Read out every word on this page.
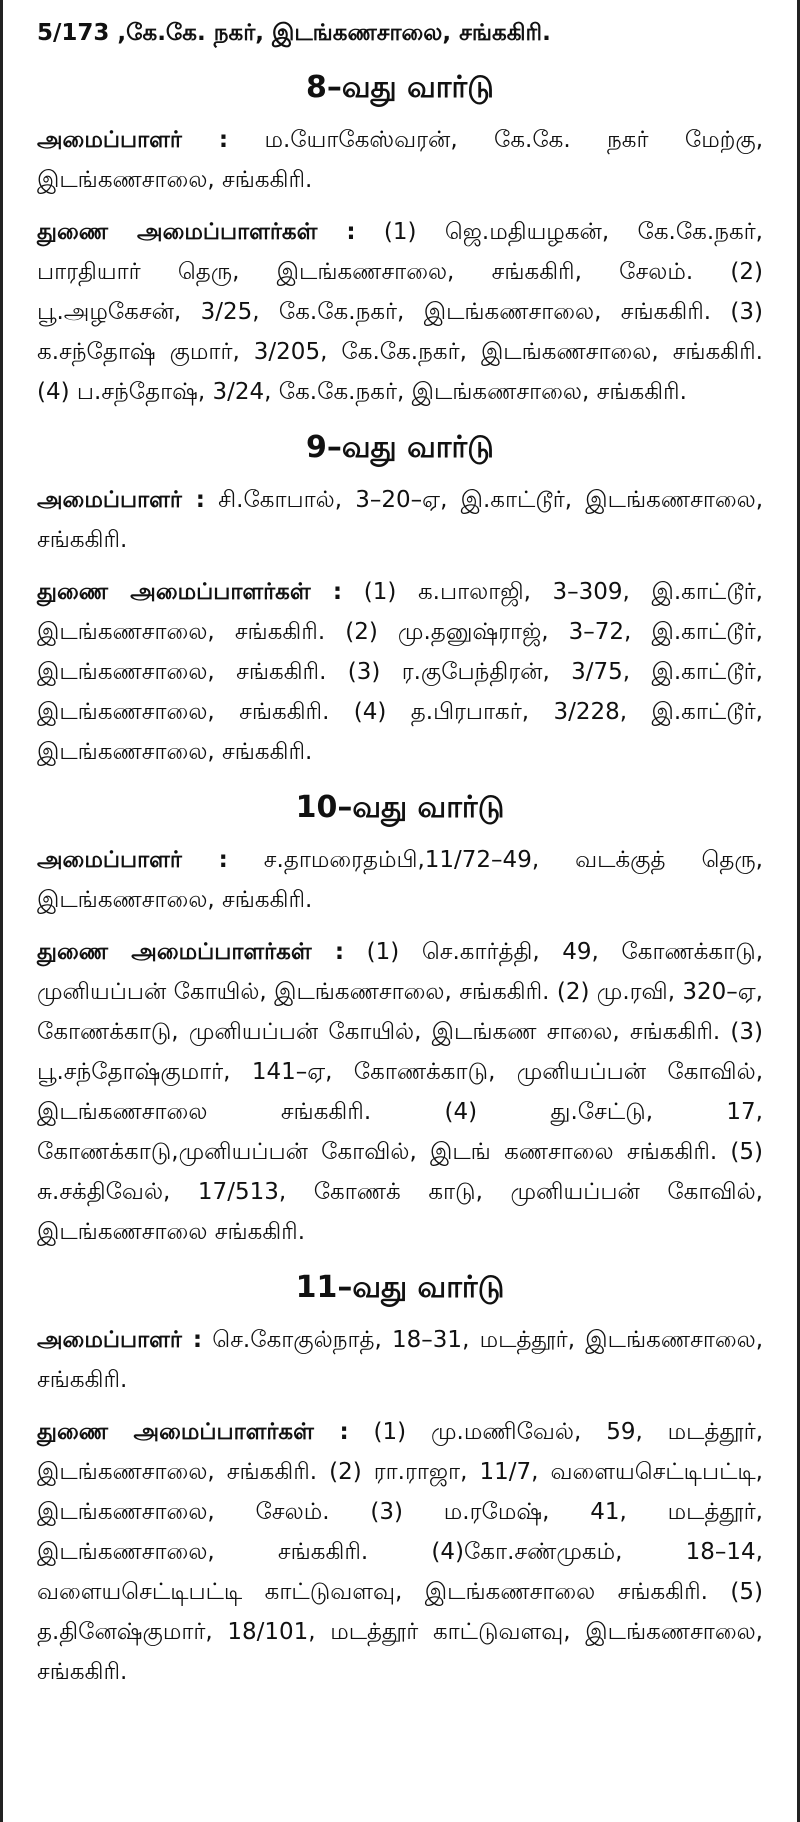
5/173 ,கே.கே. நகர், இடங்கணசாலை, சங்ககிரி.
8–வது வார்டு

அமைப்பாளர் : ம.யோகேஸ்வரன், கே.கே. நகர் மேற்கு, இடங்கணசாலை, சங்ககிரி.

துணை அமைப்பாளர்கள் : (1) ஜெ.மதியழகன், கே.கே.நகர், பாரதியார் தெரு, இடங்கணசாலை, சங்ககிரி, சேலம். (2) பூ.அழகேசன், 3/25, கே.கே.நகர், இடங்கணசாலை, சங்ககிரி. (3) க.சந்தோஷ் குமார், 3/205, கே.கே.நகர், இடங்கணசாலை, சங்ககிரி. (4) ப.சந்தோஷ், 3/24, கே.கே.நகர், இடங்கணசாலை, சங்ககிரி.

9–வது வார்டு

அமைப்பாளர் : சி.கோபால், 3–20–ஏ, இ.காட்டூர், இடங்கணசாலை, சங்ககிரி.

துணை அமைப்பாளர்கள் : (1) க.பாலாஜி, 3–309, இ.காட்டூர், இடங்கணசாலை, சங்ககிரி. (2) மு.தனுஷ்ராஜ், 3–72, இ.காட்டூர், இடங்கணசாலை, சங்ககிரி. (3) ர.குபேந்திரன், 3/75, இ.காட்டூர், இடங்கணசாலை, சங்ககிரி. (4) த.பிரபாகர், 3/228, இ.காட்டூர், இடங்கணசாலை, சங்ககிரி.

10–வது வார்டு

அமைப்பாளர் : ச.தாமரைதம்பி,11/72–49, வடக்குத் தெரு, இடங்கணசாலை, சங்ககிரி.

துணை அமைப்பாளர்கள் : (1) செ.கார்த்தி, 49, கோணக்காடு, முனியப்பன் கோயில், இடங்கணசாலை, சங்ககிரி. (2) மு.ரவி, 320–ஏ, கோணக்காடு, முனியப்பன் கோயில், இடங்கண சாலை, சங்ககிரி. (3) பூ.சந்தோஷ்குமார், 141–ஏ, கோணக்காடு, முனியப்பன் கோவில், இடங்கணசாலை சங்ககிரி. (4) து.சேட்டு, 17, கோணக்காடு,முனியப்பன் கோவில், இடங் கணசாலை சங்ககிரி. (5) சு.சக்திவேல், 17/513, கோணக் காடு, முனியப்பன் கோவில், இடங்கணசாலை சங்ககிரி.

11–வது வார்டு

அமைப்பாளர் : செ.கோகுல்நாத், 18–31, மடத்தூர், இடங்கணசாலை, சங்ககிரி.

துணை அமைப்பாளர்கள் : (1) மு.மணிவேல், 59, மடத்தூர், இடங்கணசாலை, சங்ககிரி. (2) ரா.ராஜா, 11/7, வளையசெட்டிபட்டி, இடங்கணசாலை, சேலம். (3) ம.ரமேஷ், 41, மடத்தூர், இடங்கணசாலை, சங்ககிரி. (4)கோ.சண்முகம், 18–14, வளையசெட்டிபட்டி காட்டுவளவு, இடங்கணசாலை சங்ககிரி. (5) த.தினேஷ்குமார், 18/101, மடத்தூர் காட்டுவளவு, இடங்கணசாலை, சங்ககிரி.
